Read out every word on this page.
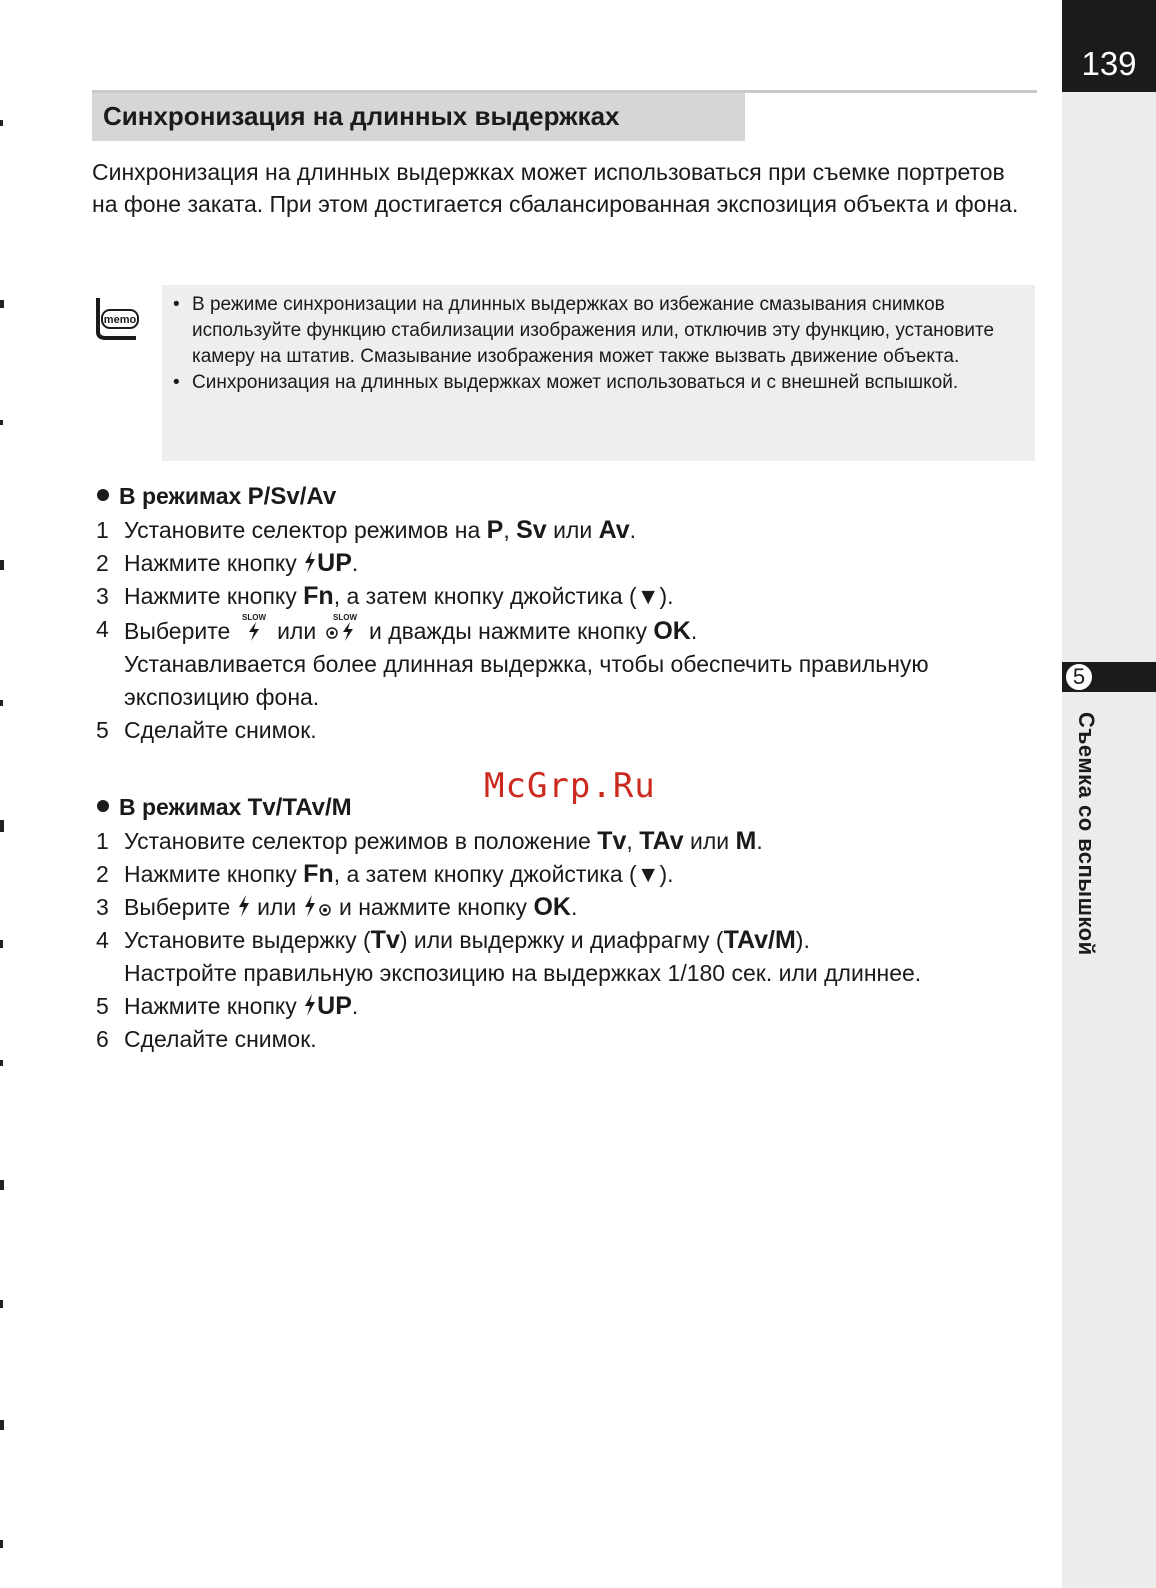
139
5
Съемка со вспышкой
Синхронизация на длинных выдержках

Синхронизация на длинных выдержках может использоваться при съемке портретов на фоне заката. При этом достигается сбалансированная экспозиция объекта и фона.

memo
• В режиме синхронизации на длинных выдержках во избежание смазывания снимков используйте функцию стабилизации изображения или, отключив эту функцию, установите камеру на штатив. Смазывание изображения может также вызвать движение объекта.
• Синхронизация на длинных выдержках может использоваться и с внешней вспышкой.
В режимах P/Sv/Av
1 Установите селектор режимов на P, Sv или Av.
2 Нажмите кнопку UP.
3 Нажмите кнопку Fn, а затем кнопку джойстика (▼).
4 Выберите
SLOW
или
SLOW
и дважды нажмите кнопку OK.
Устанавливается более длинная выдержка, чтобы обеспечить правильную экспозицию фона.
5 Сделайте снимок.
McGrp.Ru
В режимах Tv/TAv/M
1 Установите селектор режимов в положение Tv, TAv или M.
2 Нажмите кнопку Fn, а затем кнопку джойстика (▼).
3 Выберите  или  и нажмите кнопку OK.
4 Установите выдержку (Tv) или выдержку и диафрагму (TAv/M).
Настройте правильную экспозицию на выдержках 1/180 сек. или длиннее.
5 Нажмите кнопку UP.
6 Сделайте снимок.
